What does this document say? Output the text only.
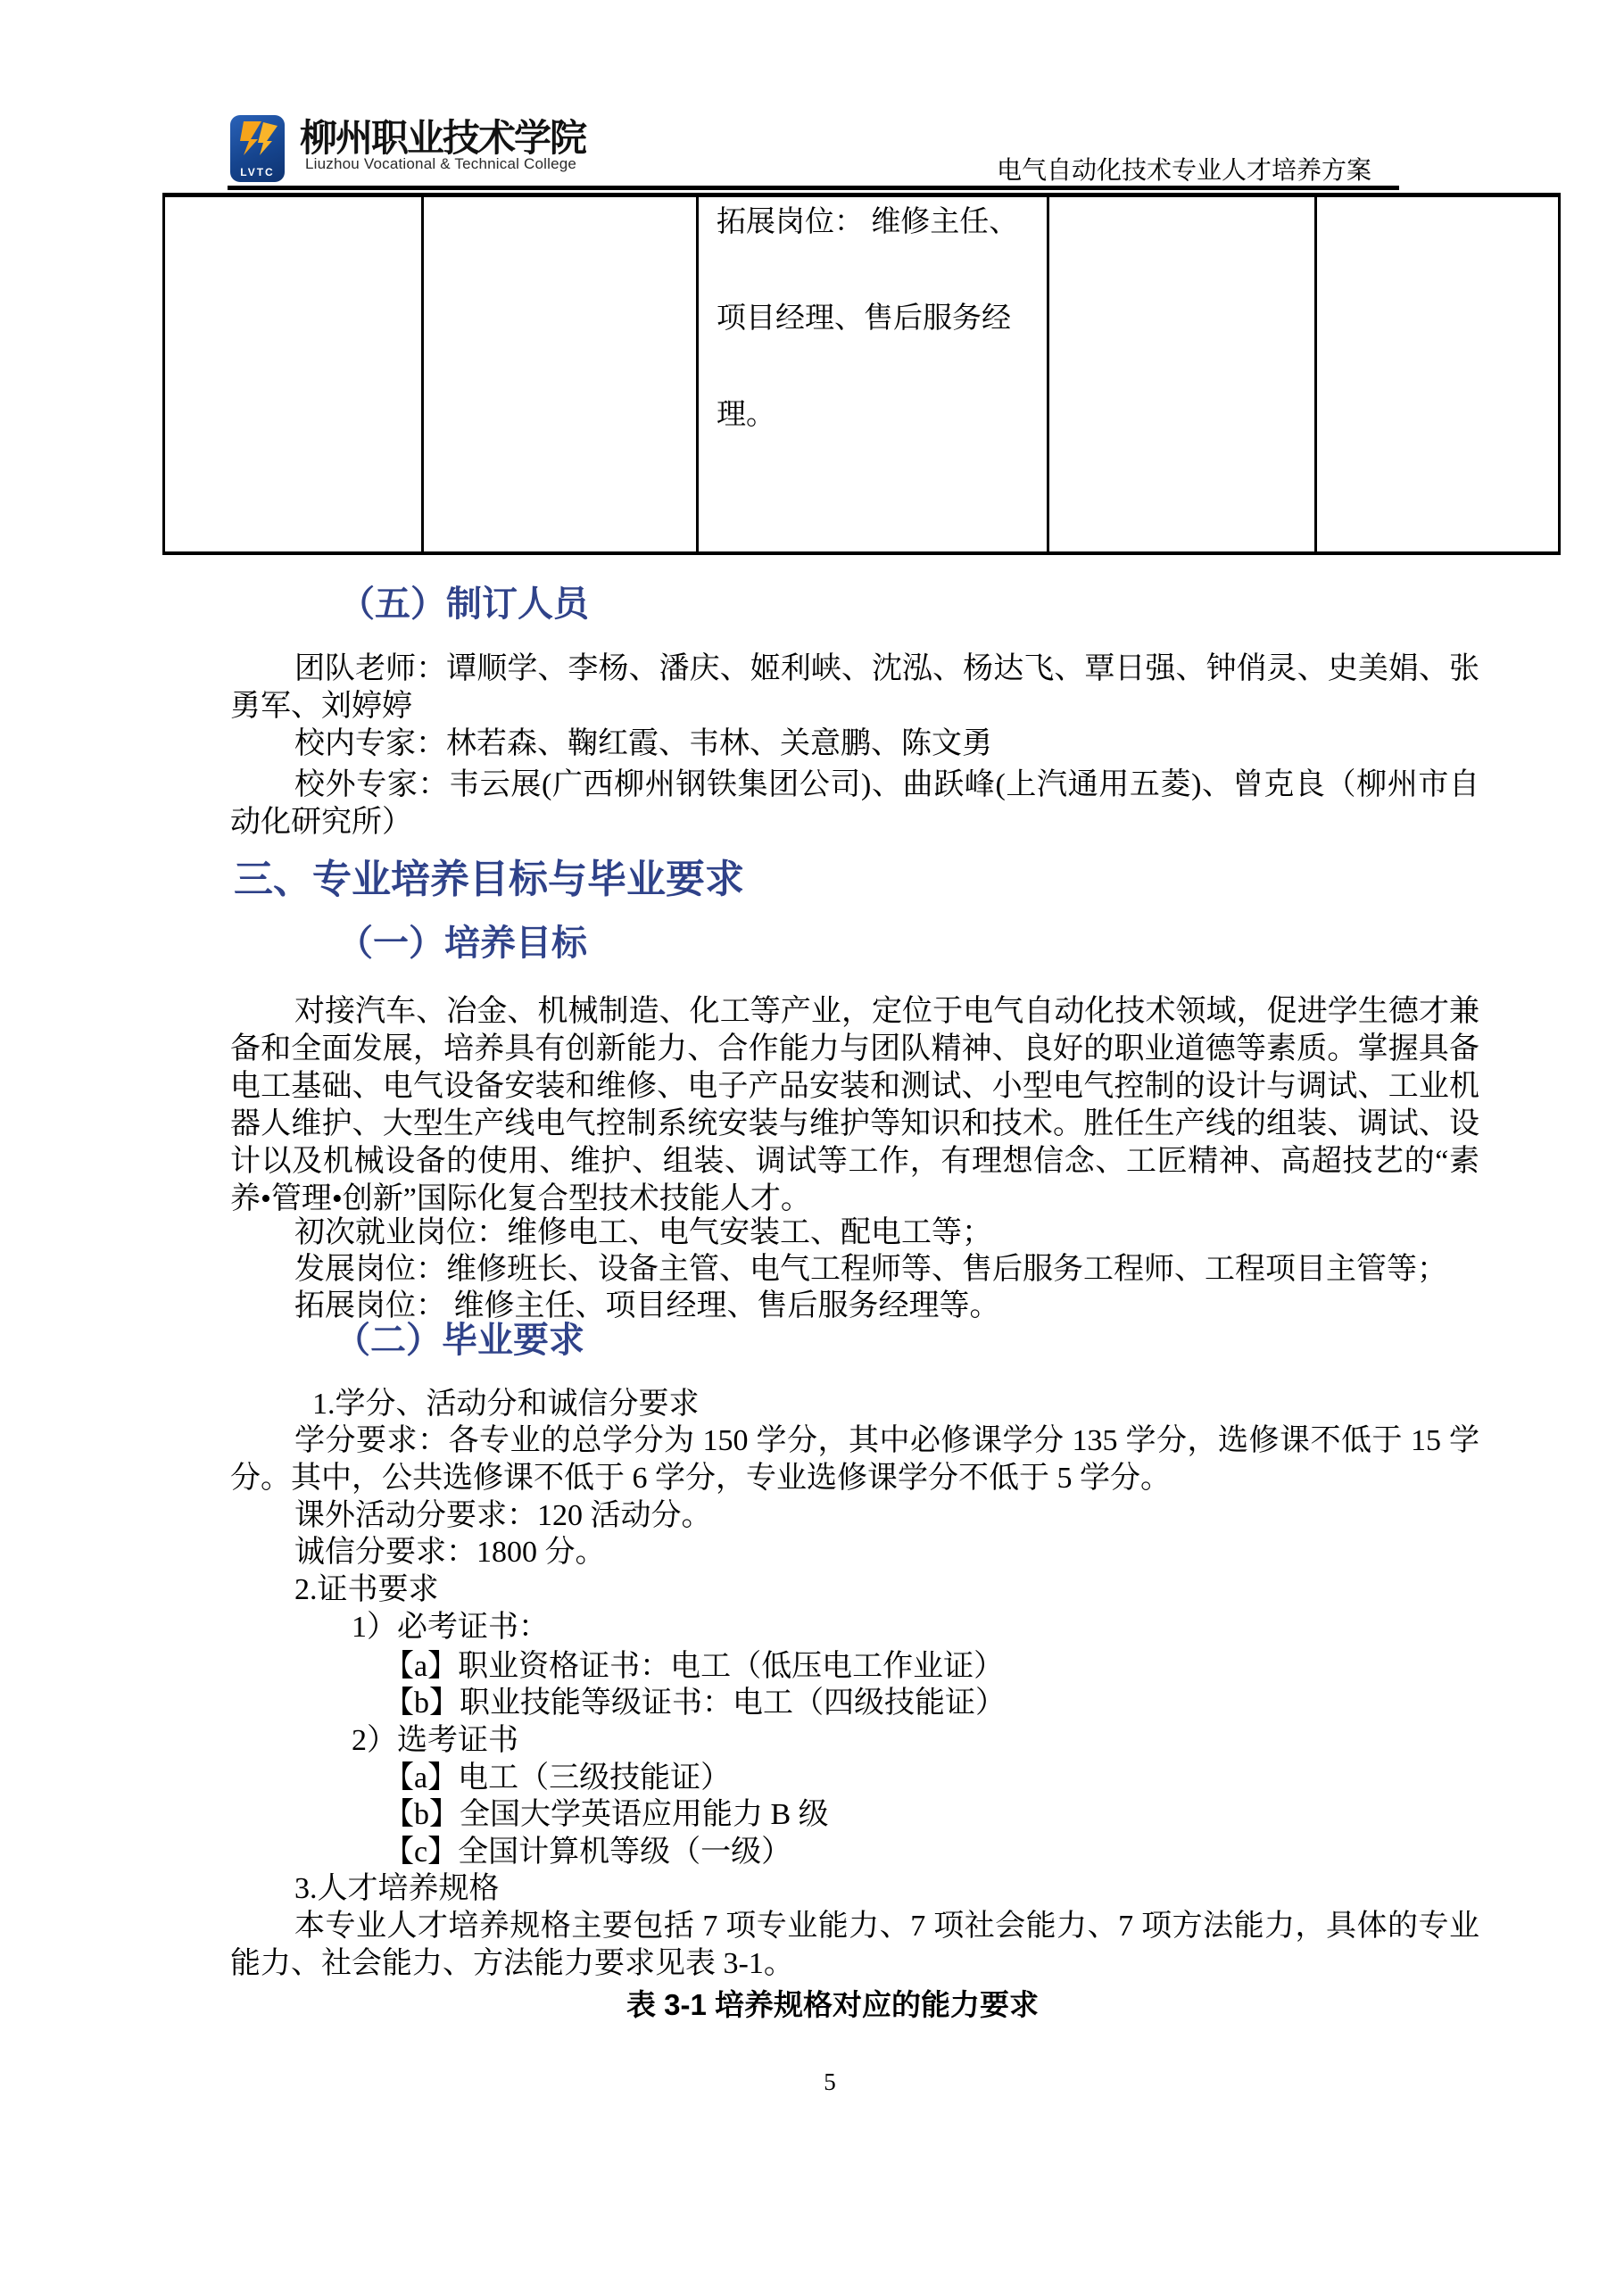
LVTC
柳州职业技术学院
Liuzhou Vocational & Technical College	电气自动化技术专业人才培养方案

拓展岗位： 维修主任、项目经理、售后服务经理。

（五）制订人员
团队老师：谭顺学、李杨、潘庆、姬利峡、沈泓、杨达飞、覃日强、钟俏灵、史美娟、张勇军、刘婷婷
校内专家：林若森、鞠红霞、韦林、关意鹏、陈文勇
校外专家：韦云展(广西柳州钢铁集团公司)、曲跃峰(上汽通用五菱)、曾克良（柳州市自动化研究所）
三、专业培养目标与毕业要求
（一）培养目标
对接汽车、冶金、机械制造、化工等产业，定位于电气自动化技术领域，促进学生德才兼备和全面发展，培养具有创新能力、合作能力与团队精神、良好的职业道德等素质。掌握具备电工基础、电气设备安装和维修、电子产品安装和测试、小型电气控制的设计与调试、工业机器人维护、大型生产线电气控制系统安装与维护等知识和技术。胜任生产线的组装、调试、设计以及机械设备的使用、维护、组装、调试等工作，有理想信念、工匠精神、高超技艺的“素养•管理•创新”国际化复合型技术技能人才。
初次就业岗位：维修电工、电气安装工、配电工等；
发展岗位：维修班长、设备主管、电气工程师等、售后服务工程师、工程项目主管等；
拓展岗位： 维修主任、项目经理、售后服务经理等。
（二）毕业要求
1.学分、活动分和诚信分要求
学分要求：各专业的总学分为 150 学分，其中必修课学分 135 学分，选修课不低于 15 学分。其中，公共选修课不低于 6 学分，专业选修课学分不低于 5 学分。
课外活动分要求：120 活动分。
诚信分要求：1800 分。
2.证书要求
1）必考证书：
【a】职业资格证书：电工（低压电工作业证）
【b】职业技能等级证书：电工（四级技能证）
2）选考证书
【a】电工（三级技能证）
【b】全国大学英语应用能力 B 级
【c】全国计算机等级（一级）
3.人才培养规格
本专业人才培养规格主要包括 7 项专业能力、7 项社会能力、7 项方法能力，具体的专业能力、社会能力、方法能力要求见表 3-1。
表 3-1 培养规格对应的能力要求
5
